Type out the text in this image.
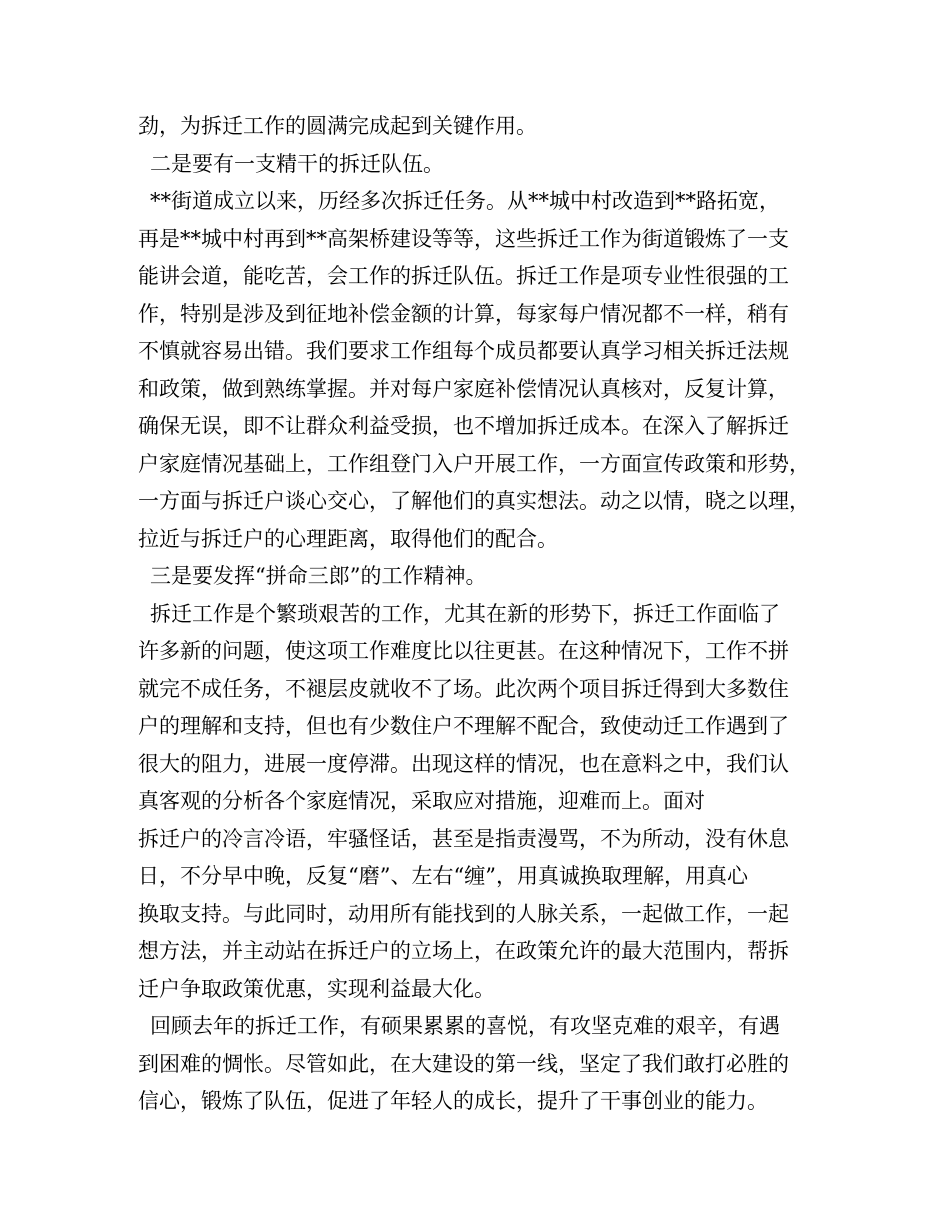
劲，为拆迁工作的圆满完成起到关键作用。
二是要有一支精干的拆迁队伍。
**街道成立以来，历经多次拆迁任务。从**城中村改造到**路拓宽，
再是**城中村再到**高架桥建设等等，这些拆迁工作为街道锻炼了一支
能讲会道，能吃苦，会工作的拆迁队伍。拆迁工作是项专业性很强的工
作，特别是涉及到征地补偿金额的计算，每家每户情况都不一样，稍有
不慎就容易出错。我们要求工作组每个成员都要认真学习相关拆迁法规
和政策，做到熟练掌握。并对每户家庭补偿情况认真核对，反复计算，
确保无误，即不让群众利益受损，也不增加拆迁成本。在深入了解拆迁
户家庭情况基础上，工作组登门入户开展工作，一方面宣传政策和形势，
一方面与拆迁户谈心交心，了解他们的真实想法。动之以情，晓之以理，
拉近与拆迁户的心理距离，取得他们的配合。
三是要发挥“拼命三郎”的工作精神。
拆迁工作是个繁琐艰苦的工作，尤其在新的形势下，拆迁工作面临了
许多新的问题，使这项工作难度比以往更甚。在这种情况下，工作不拼
就完不成任务，不褪层皮就收不了场。此次两个项目拆迁得到大多数住
户的理解和支持，但也有少数住户不理解不配合，致使动迁工作遇到了
很大的阻力，进展一度停滞。出现这样的情况，也在意料之中，我们认
真客观的分析各个家庭情况，采取应对措施，迎难而上。面对
拆迁户的冷言冷语，牢骚怪话，甚至是指责漫骂，不为所动，没有休息
日，不分早中晚，反复“磨”、左右“缠”，用真诚换取理解，用真心
换取支持。与此同时，动用所有能找到的人脉关系，一起做工作，一起
想方法，并主动站在拆迁户的立场上，在政策允许的最大范围内，帮拆
迁户争取政策优惠，实现利益最大化。
回顾去年的拆迁工作，有硕果累累的喜悦，有攻坚克难的艰辛，有遇
到困难的惆怅。尽管如此，在大建设的第一线，坚定了我们敢打必胜的
信心，锻炼了队伍，促进了年轻人的成长，提升了干事创业的能力。
